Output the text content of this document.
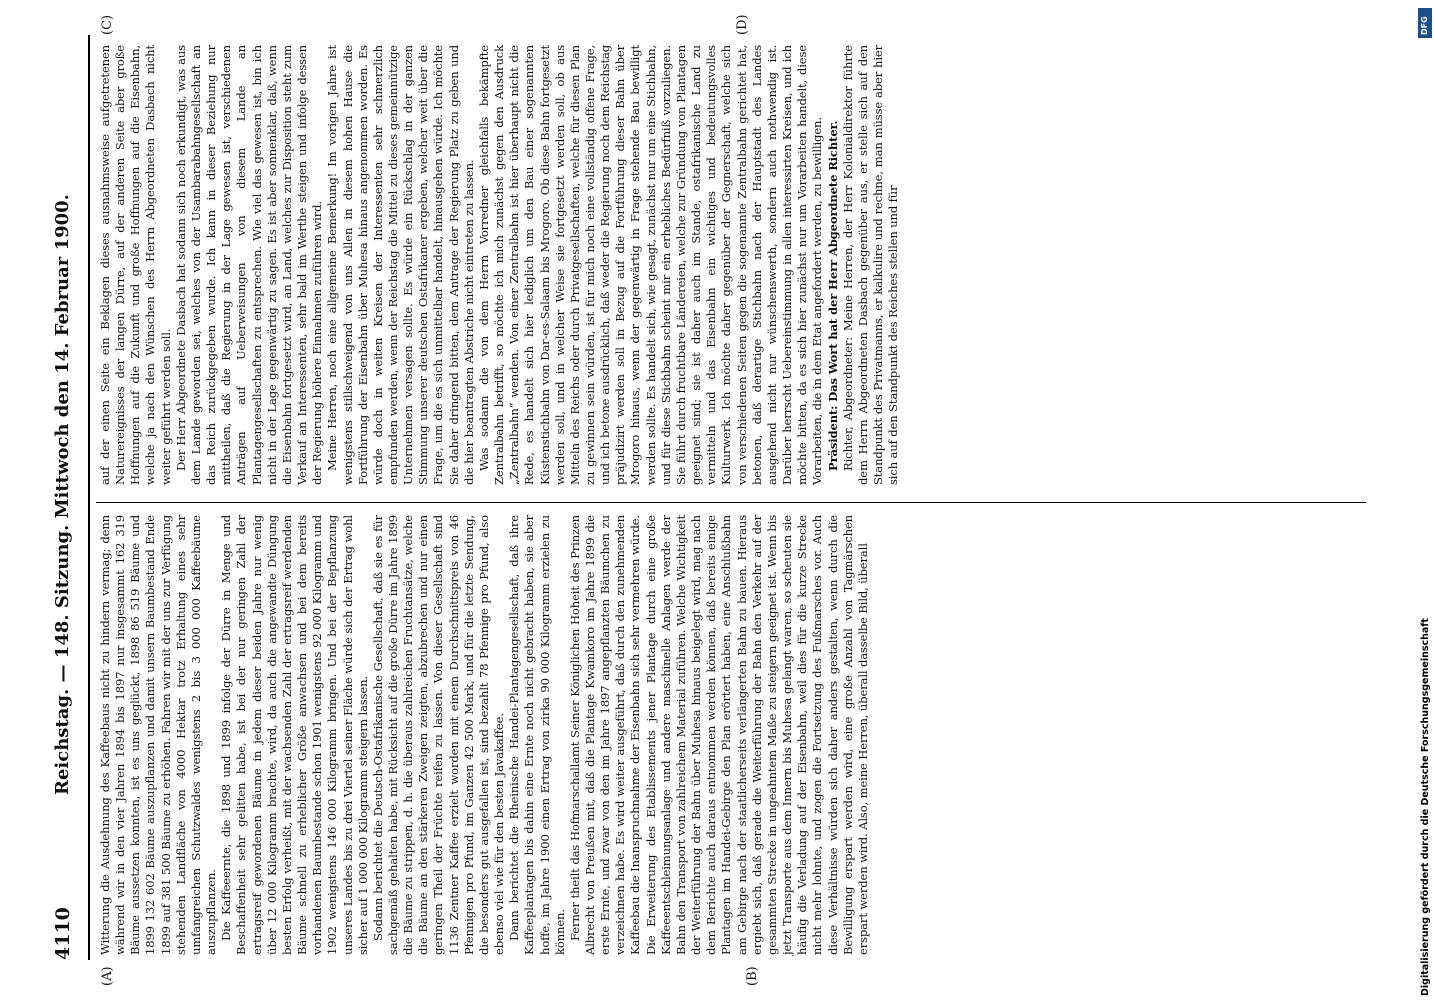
4110
Reichstag. — 148. Sitzung. Mittwoch den 14. Februar 1900.
(A)	(B)
(C)	(D)

Witterung die Ausdehnung des Kaffeebaus nicht zu hindern vermag; denn während wir in den vier Jahren 1894 bis 1897 nur insgesammt 162 319 Bäume aussetzen konnten, ist es uns geglückt, 1898 86 519 Bäume und 1899 132 602 Bäume auszupflanzen und damit unsern Baumbestand Ende 1899 auf 381 500 Bäume zu erhöhen. Fahren wir mit der uns zur Verfügung stehenden Landfläche von 4000 Hektar trotz Erhaltung eines sehr umfangreichen Schutzwaldes wenigstens 2 bis 3 000 000 Kaffeebäume auszupflanzen. Die Kaffeeernte, die 1898 und 1899 infolge der Dürre in Menge und Beschaffenheit sehr gelitten habe, ist bei der nur geringen Zahl der ertragsreif gewordenen Bäume in jedem dieser beiden Jahre nur wenig über 12 000 Kilogramm brachte, wird, da auch die angewandte Düngung besten Erfolg verheißt, mit der wachsenden Zahl der ertragsreif werdenden Bäume schnell zu erheblicher Größe anwachsen und bei dem bereits vorhandenen Baumbestande schon 1901 wenigstens 92 000 Kilogramm und 1902 wenigstens 146 000 Kilogramm bringen. Und bei der Bepflanzung unseres Landes bis zu drei Viertel seiner Fläche würde sich der Ertrag wohl sicher auf 1 000 000 Kilogramm steigern lassen. Sodann berichtet die Deutsch-Ostafrikanische Gesellschaft, daß sie es für sachgemäß gehalten habe, mit Rücksicht auf die große Dürre im Jahre 1899 die Bäume zu strippen, d. h. die überaus zahlreichen Fruchtansätze, welche die Bäume an den stärkeren Zweigen zeigten, abzubrechen und nur einen geringen Theil der Früchte reifen zu lassen. Von dieser Gesellschaft sind 1136 Zentner Kaffee erzielt worden mit einem Durchschnittspreis von 46 Pfennigen pro Pfund, im Ganzen 42 500 Mark, und für die letzte Sendung, die besonders gut ausgefallen ist, sind bezahlt 78 Pfennige pro Pfund, also ebenso viel wie für den besten Javakaffee. Dann berichtet die Rheinische Handei-Plantagengesellschaft, daß ihre Kaffeeplantagen bis dahin eine Ernte noch nicht gebracht haben, sie aber hoffe, im Jahre 1900 einen Ertrag von zirka 90 000 Kilogramm erzielen zu können. Ferner theilt das Hofmarschallamt Seiner Königlichen Hoheit des Prinzen Albrecht von Preußen mit, daß die Plantage Kwamkoro im Jahre 1899 die erste Ernte, und zwar von den im Jahre 1897 angepflanzten Bäumchen zu verzeichnen habe. Es wird weiter ausgeführt, daß durch den zunehmenden Kaffeebau die Inanspruchnahme der Eisenbahn sich sehr vermehren würde. Die Erweiterung des Etablissements jener Plantage durch eine große Kaffeeentschleimungsanlage und andere maschinelle Anlagen werde der Bahn den Transport von zahlreichem Material zuführen. Welche Wichtigkeit der Weiterführung der Bahn über Muhesa hinaus beigelegt wird, mag nach dem Berichte auch daraus entnommen werden können, daß bereits einige Plantagen im Handei-Gebirge den Plan erörtert haben, eine Anschlußbahn am Gebirge nach der staatlicherseits verlängerten Bahn zu bauen. Hieraus ergiebt sich, daß gerade die Weiterführung der Bahn den Verkehr auf der gesammten Strecke in ungeahntem Maße zu steigern geeignet ist. Wenn bis jetzt Transporte aus dem Innern bis Muhesa gelangt waren, so scheuten sie häufig die Verladung auf der Eisenbahn, weil dies für die kurze Strecke nicht mehr lohnte, und zogen die Fortsetzung des Fußmarsches vor. Auch diese Verhältnisse würden sich daher anders gestalten, wenn durch die Bewilligung erspart werden wird, eine große Anzahl von Tagmärschen erspart werden wird. Also, meine Herren, überall dasselbe Bild, überall

auf der einen Seite ein Beklagen dieses ausnahmsweise aufgetretenen Naturereignisses der langen Dürre, auf der anderen Seite aber große Hoffnungen auf die Zukunft und große Hoffnungen auf die Eisenbahn, welche ja nach den Wünschen des Herrn Abgeordneten Dasbach nicht weiter geführt werden soll. Der Herr Abgeordnete Dasbach hat sodann sich noch erkundigt, was aus dem Lande geworden sei, welches von der Usambarabahngesellschaft an das Reich zurückgegeben wurde. Ich kann in dieser Beziehung nur mittheilen, daß die Regierung in der Lage gewesen ist, verschiedenen Anträgen auf Ueberweisungen von diesem Lande an Plantagengesellschaften zu entsprechen. Wie viel das gewesen ist, bin ich nicht in der Lage gegenwärtig zu sagen. Es ist aber sonnenklar, daß, wenn die Eisenbahn fortgesetzt wird, an Land, welches zur Disposition steht zum Verkauf an Interessenten, sehr bald im Werthe steigen und infolge dessen der Regierung höhere Einnahmen zuführen wird. Meine Herren, noch eine allgemeine Bemerkung! Im vorigen Jahre ist wenigstens stillschweigend von uns Allen in diesem hohen Hause die Fortführung der Eisenbahn über Muhesa hinaus angenommen worden. Es würde doch in weiten Kreisen der Interessenten sehr schmerzlich empfunden werden, wenn der Reichstag die Mittel zu dieses gemeinnützige Unternehmen versagen sollte. Es würde ein Rückschlag in der ganzen Stimmung unserer deutschen Ostafrikaner ergeben, welcher weit über die Frage, um die es sich unmittelbar handelt, hinausgehen würde. Ich möchte Sie daher dringend bitten, dem Antrage der Regierung Platz zu geben und die hier beantragten Abstriche nicht eintreten zu lassen. Was sodann die von dem Herrn Vorredner gleichfalls bekämpfte Zentralbahn betrifft, so möchte ich mich zunächst gegen den Ausdruck „Zentralbahn“ wenden. Von einer Zentralbahn ist hier überhaupt nicht die Rede, es handelt sich hier lediglich um den Bau einer sogenannten Küstenstichbahn von Dar-es-Salaam bis Mrogoro. Ob diese Bahn fortgesetzt werden soll, und in welcher Weise sie fortgesetzt werden soll, ob aus Mitteln des Reichs oder durch Privatgesellschaften, welche für diesen Plan zu gewinnen sein würden, ist für mich noch eine vollständig offene Frage, und ich betone ausdrücklich, daß weder die Regierung noch dem Reichstag präjudizirt werden soll in Bezug auf die Fortführung dieser Bahn über Mrogoro hinaus, wenn der gegenwärtig in Frage stehende Bau bewilligt werden sollte. Es handelt sich, wie gesagt, zunächst nur um eine Stichbahn, und für diese Stichbahn scheint mir ein erhebliches Bedürfniß vorzuliegen. Sie führt durch fruchtbare Ländereien, welche zur Gründung von Plantagen geeignet sind; sie ist daher auch im Stande, ostafrikanische Land zu vermitteln und das Eisenbahn ein wichtiges und bedeutungsvolles Kulturwerk. Ich möchte daher gegenüber der Gegnerschaft, welche sich von verschiedenen Seiten gegen die sogenannte Zentralbahn gerichtet hat, betonen, daß derartige Stichbahn nach der Hauptstadt des Landes ausgehend nicht nur wünschenswerth, sondern auch nothwendig ist. Darüber herrscht Uebereinstimmung in allen interessirten Kreisen, und ich möchte bitten, da es sich hier zunächst nur um Vorarbeiten handelt, diese Vorarbeiten, die in dem Etat angefordert werden, zu bewilligen. Präsident: Das Wort hat der Herr Abgeordnete Richter. Richter, Abgeordneter: Meine Herren, der Herr Kolonialdirektor führte dem Herrn Abgeordneten Dasbach gegenüber aus, er stelle sich auf den Standpunkt des Privatmanns, er kalkulire und rechne, man müsse aber hier sich auf den Standpunkt des Reiches stellen und für

DFG
Digitalisierung gefördert durch die Deutsche Forschungsgemeinschaft
